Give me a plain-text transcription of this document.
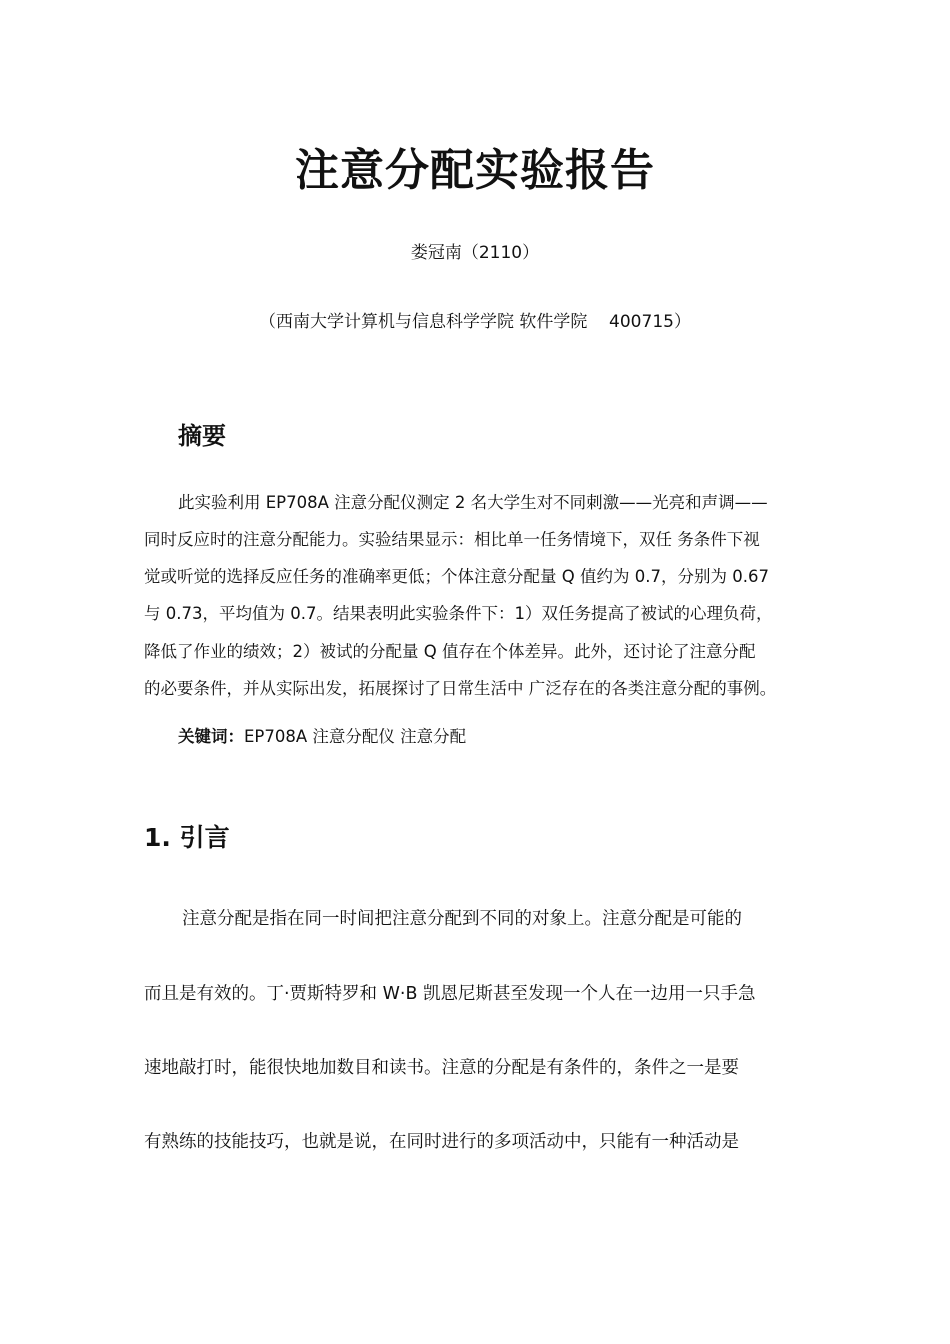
注意分配实验报告
娄冠南（2110）
（西南大学计算机与信息科学学院 软件学院    400715）
摘要
此实验利用 EP708A 注意分配仪测定 2 名大学生对不同刺激——光亮和声调——
同时反应时的注意分配能力。实验结果显示：相比单一任务情境下，双任 务条件下视
觉或听觉的选择反应任务的准确率更低；个体注意分配量 Q 值约为 0.7，分别为 0.67
与 0.73，平均值为 0.7。结果表明此实验条件下：1）双任务提高了被试的心理负荷，
降低了作业的绩效；2）被试的分配量 Q 值存在个体差异。此外，还讨论了注意分配
的必要条件，并从实际出发，拓展探讨了日常生活中 广泛存在的各类注意分配的事例。
关键词：EP708A 注意分配仪 注意分配
1. 引言
注意分配是指在同一时间把注意分配到不同的对象上。注意分配是可能的
而且是有效的。丁·贾斯特罗和 W·B 凯恩尼斯甚至发现一个人在一边用一只手急
速地敲打时，能很快地加数目和读书。注意的分配是有条件的，条件之一是要
有熟练的技能技巧，也就是说，在同时进行的多项活动中，只能有一种活动是
